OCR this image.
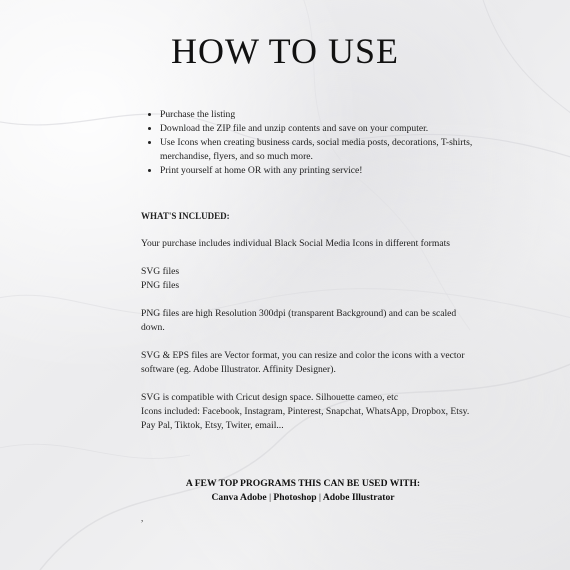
HOW TO USE
• Purchase the listing
• Download the ZIP file and unzip contents and save on your computer.
• Use Icons when creating business cards, social media posts, decorations, T-shirts, merchandise, flyers, and so much more.
• Print yourself at home OR with any printing service!

WHAT'S INCLUDED:

Your purchase includes individual Black Social Media Icons in different formats

SVG files
PNG files

PNG files are high Resolution 300dpi (transparent Background) and can be scaled down.

SVG & EPS files are Vector format, you can resize and color the icons with a vector software (eg. Adobe Illustrator. Affinity Designer).

SVG is compatible with Cricut design space. Silhouette cameo, etc
Icons included: Facebook, Instagram, Pinterest, Snapchat, WhatsApp, Dropbox, Etsy. Pay Pal, Tiktok, Etsy, Twiter, email...

A FEW TOP PROGRAMS THIS CAN BE USED WITH:
Canva Adobe | Photoshop | Adobe Illustrator
,
